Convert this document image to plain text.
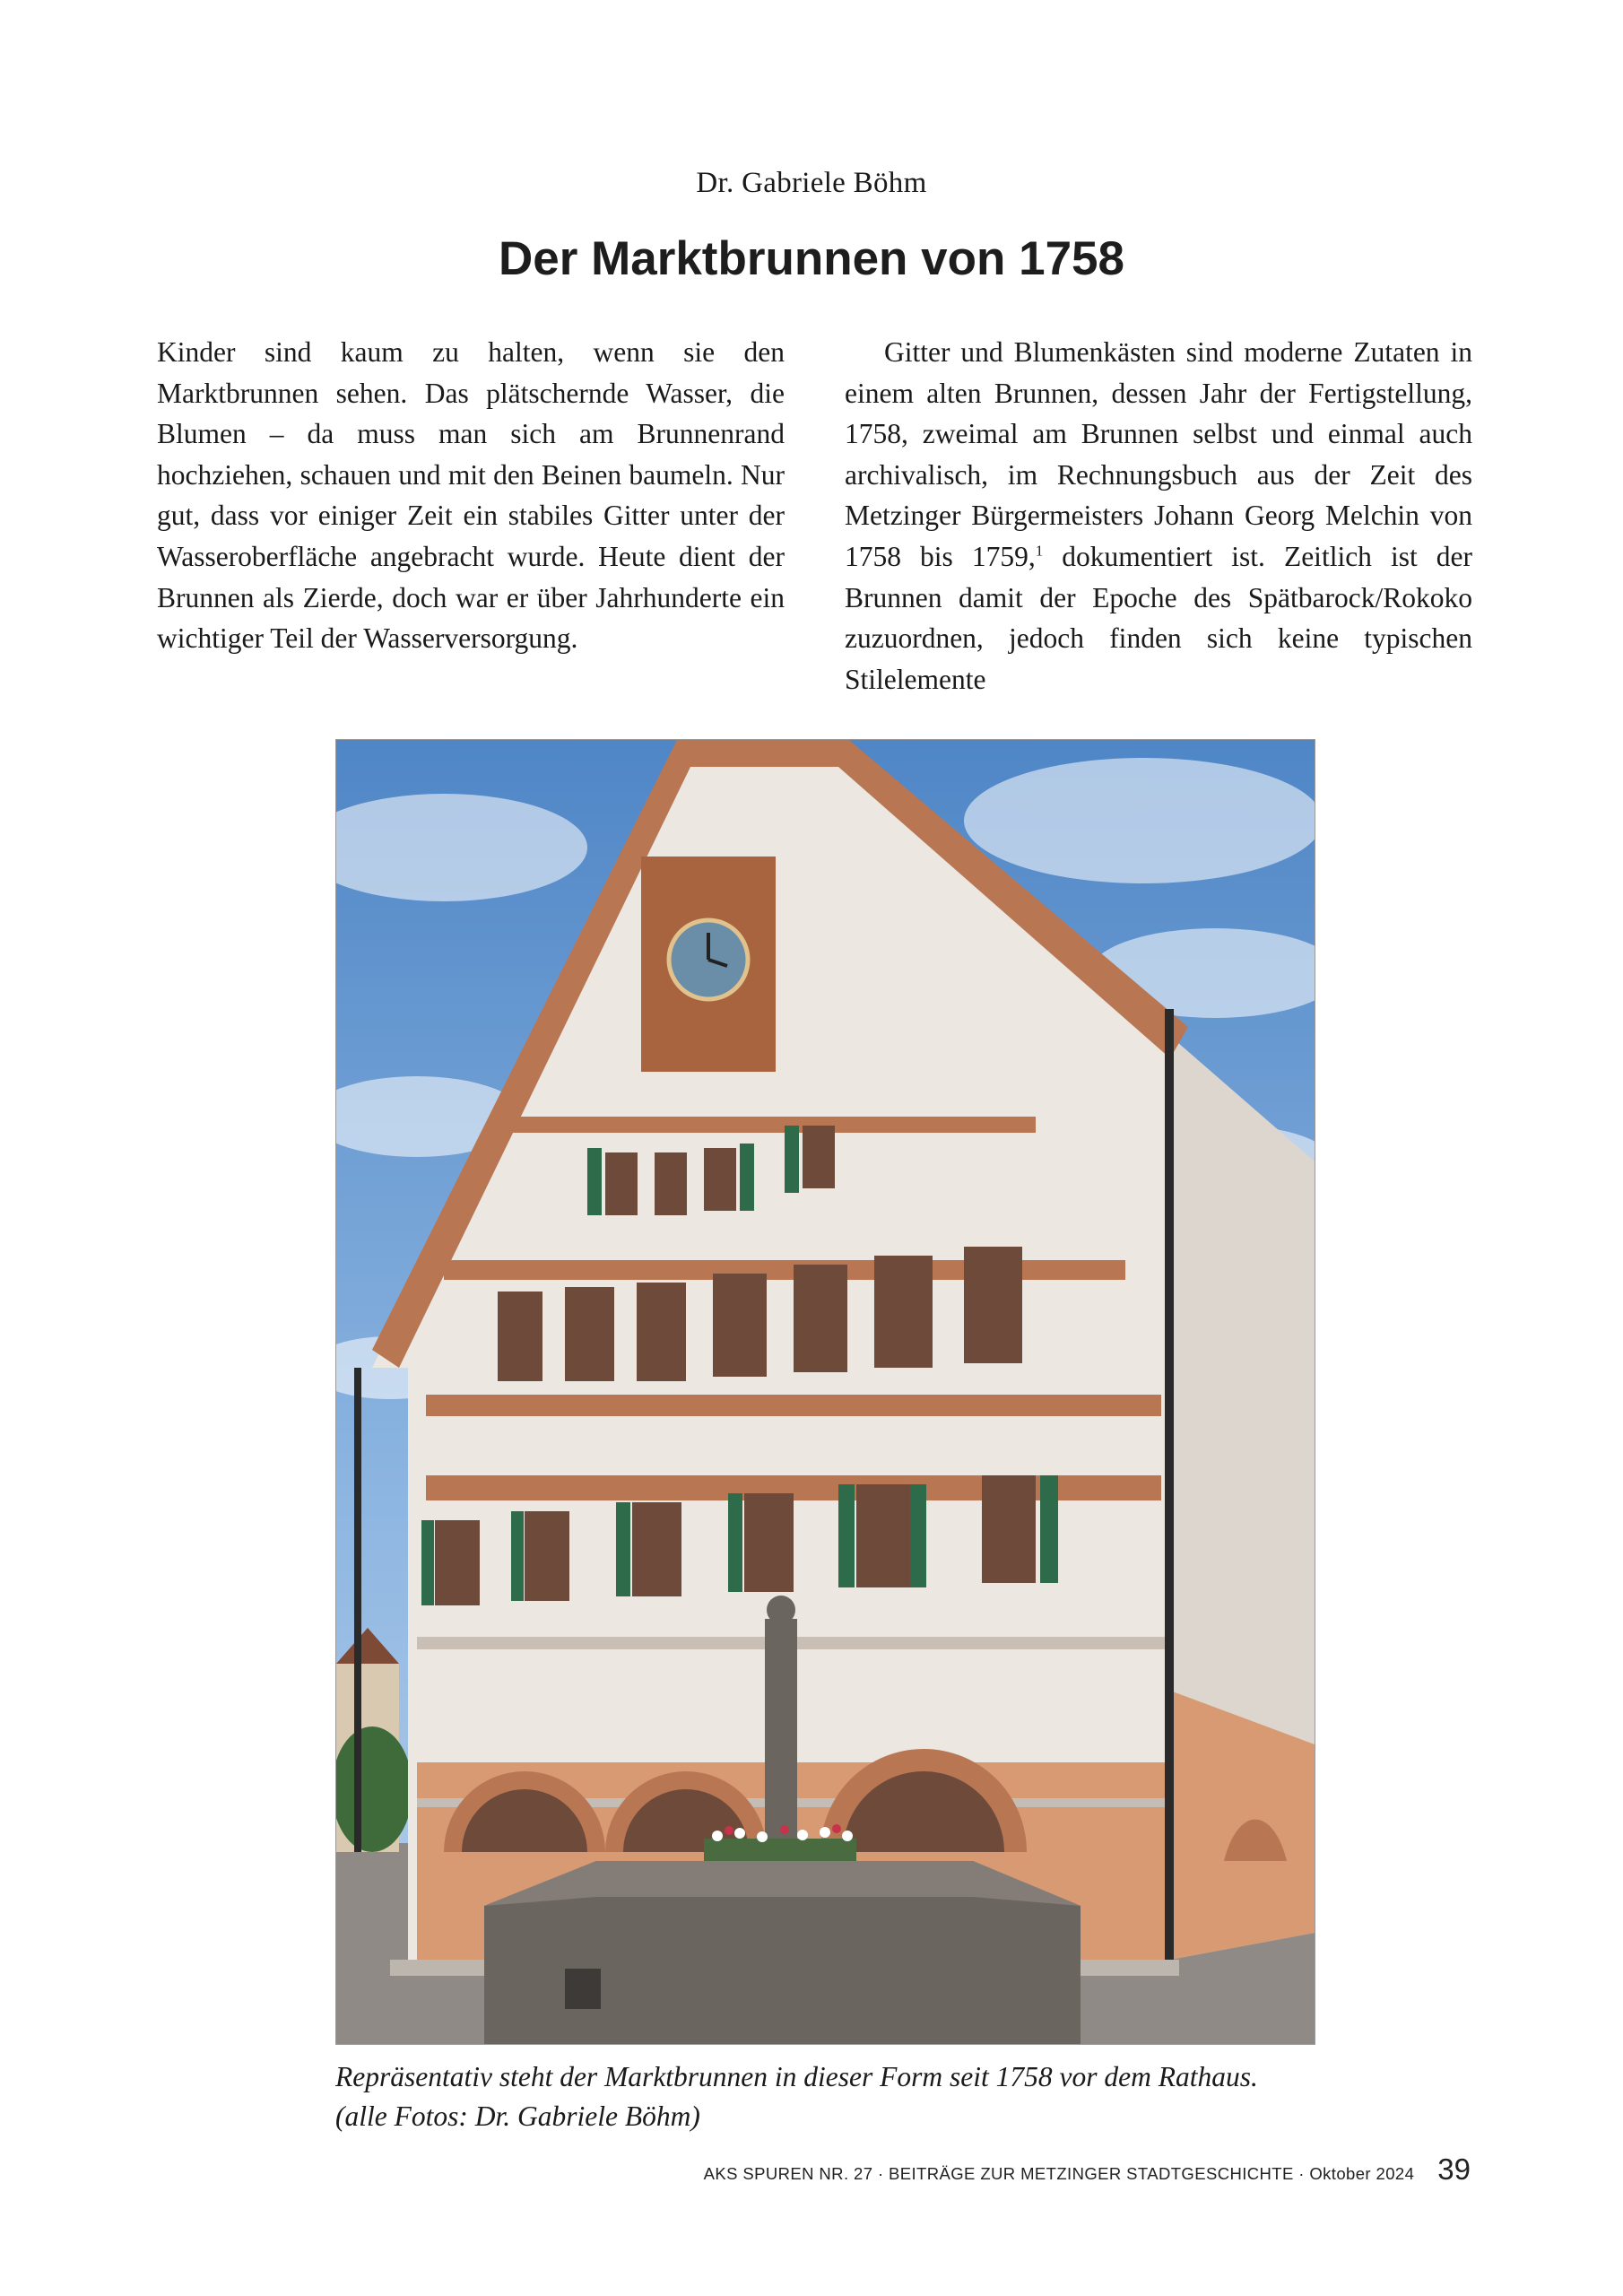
Dr. Gabriele Böhm
Der Marktbrunnen von 1758

Kinder sind kaum zu halten, wenn sie den Marktbrunnen sehen. Das plätschernde Wasser, die Blumen – da muss man sich am Brunnenrand hochziehen, schauen und mit den Beinen baumeln. Nur gut, dass vor einiger Zeit ein stabiles Gitter unter der Wasseroberfläche angebracht wurde. Heute dient der Brunnen als Zierde, doch war er über Jahrhunderte ein wichtiger Teil der Wasserversorgung.

Gitter und Blumenkästen sind moderne Zutaten in einem alten Brunnen, dessen Jahr der Fertigstellung, 1758, zweimal am Brunnen selbst und einmal auch archivalisch, im Rechnungsbuch aus der Zeit des Metzinger Bürgermeisters Johann Georg Melchin von 1758 bis 1759,$^1$ dokumentiert ist. Zeitlich ist der Brunnen damit der Epoche des Spätbarock/Rokoko zuzuordnen, jedoch finden sich keine typischen Stilelemente

Repräsentativ steht der Marktbrunnen in dieser Form seit 1758 vor dem Rathaus.
(alle Fotos: Dr. Gabriele Böhm)

AKS SPUREN NR. 27 · BEITRÄGE ZUR METZINGER STADTGESCHICHTE · Oktober 2024 39
